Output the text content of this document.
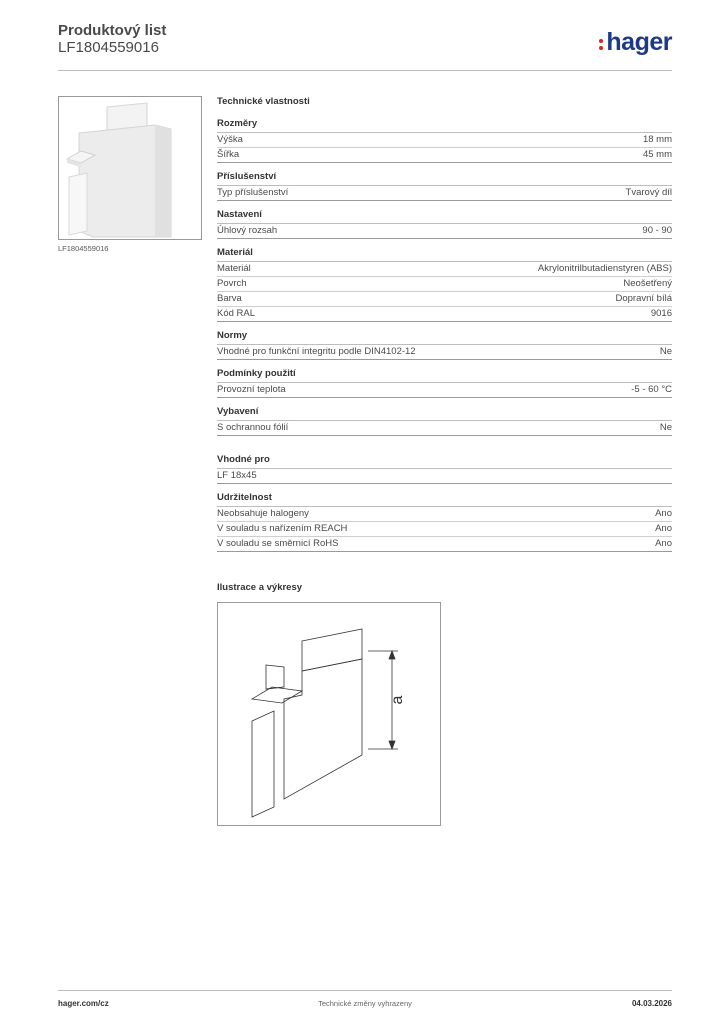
Produktový list
LF1804559016	hager
LF1804559016
Technické vlastnosti
Rozměry
Výška	18 mm
Šířka	45 mm
Příslušenství
Typ příslušenství	Tvarový díl
Nastavení
Úhlový rozsah	90 - 90
Materiál
Materiál	Akrylonitrilbutadienstyren (ABS)
Povrch	Neošetřený
Barva	Dopravní bílá
Kód RAL	9016
Normy
Vhodné pro funkční integritu podle DIN4102-12	Ne
Podmínky použití
Provozní teplota	-5 - 60 °C
Vybavení
S ochrannou fólií	Ne
Vhodné pro
LF 18x45
Udržitelnost
Neobsahuje halogeny	Ano
V souladu s nařízením REACH	Ano
V souladu se směrnicí RoHS	Ano
Ilustrace a výkresy
a
hager.com/cz	Technické změny vyhrazeny	04.03.2026
